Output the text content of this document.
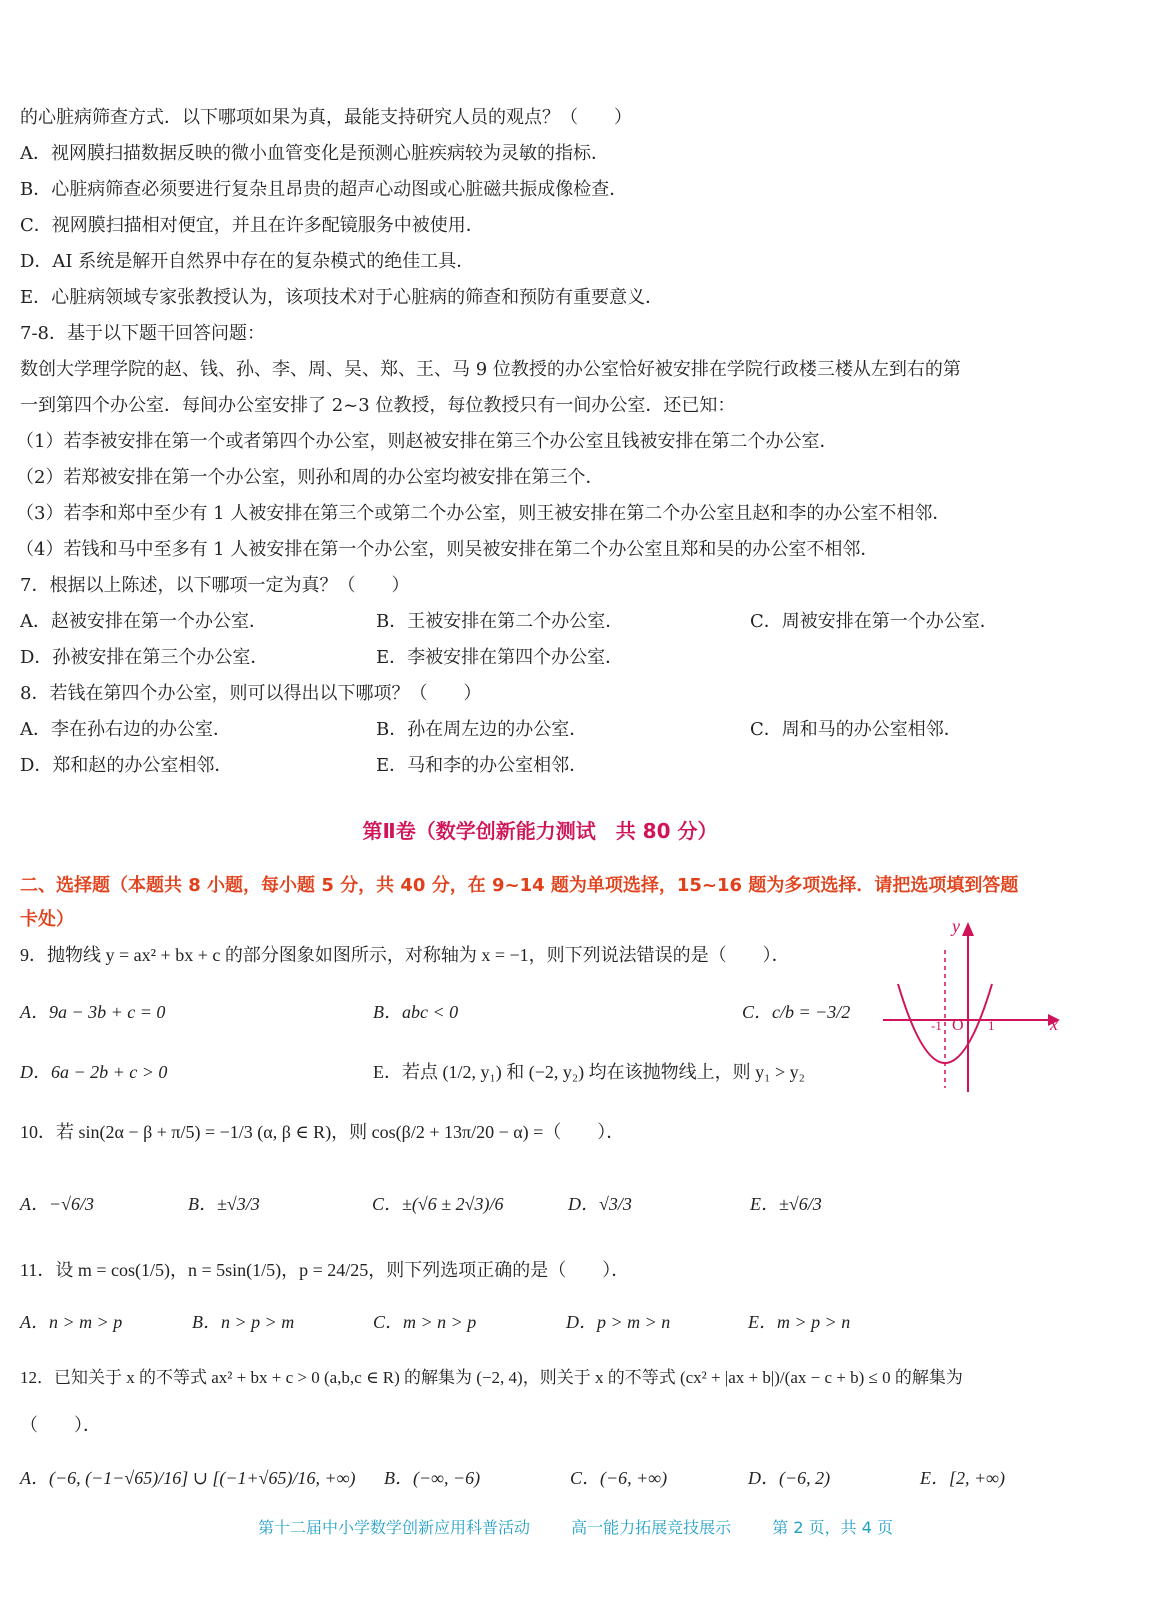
的心脏病筛查方式．以下哪项如果为真，最能支持研究人员的观点？（　　）
A．视网膜扫描数据反映的微小血管变化是预测心脏疾病较为灵敏的指标．
B．心脏病筛查必须要进行复杂且昂贵的超声心动图或心脏磁共振成像检查．
C．视网膜扫描相对便宜，并且在许多配镜服务中被使用．
D．AI 系统是解开自然界中存在的复杂模式的绝佳工具．
E．心脏病领域专家张教授认为，该项技术对于心脏病的筛查和预防有重要意义．
7-8．基于以下题干回答问题：
数创大学理学院的赵、钱、孙、李、周、吴、郑、王、马 9 位教授的办公室恰好被安排在学院行政楼三楼从左到右的第
一到第四个办公室．每间办公室安排了 2~3 位教授，每位教授只有一间办公室．还已知：
（1）若李被安排在第一个或者第四个办公室，则赵被安排在第三个办公室且钱被安排在第二个办公室．
（2）若郑被安排在第一个办公室，则孙和周的办公室均被安排在第三个．
（3）若李和郑中至少有 1 人被安排在第三个或第二个办公室，则王被安排在第二个办公室且赵和李的办公室不相邻．
（4）若钱和马中至多有 1 人被安排在第一个办公室，则吴被安排在第二个办公室且郑和吴的办公室不相邻．
7．根据以上陈述，以下哪项一定为真？（　　）
A．赵被安排在第一个办公室．	B．王被安排在第二个办公室．	C．周被安排在第一个办公室．
D．孙被安排在第三个办公室．	E．李被安排在第四个办公室．
8．若钱在第四个办公室，则可以得出以下哪项？（　　）
A．李在孙右边的办公室．	B．孙在周左边的办公室．	C．周和马的办公室相邻．
D．郑和赵的办公室相邻．	E．马和李的办公室相邻．
第Ⅱ卷（数学创新能力测试　共 80 分）
二、选择题（本题共 8 小题，每小题 5 分，共 40 分，在 9~14 题为单项选择，15~16 题为多项选择．请把选项填到答题
卡处）
9．抛物线 y = ax² + bx + c 的部分图象如图所示，对称轴为 x = −1，则下列说法错误的是（　　）．
A．9a − 3b + c = 0	B．abc < 0	C．c/b = −3/2
D．6a − 2b + c > 0	E．若点 (1/2, y₁) 和 (−2, y₂) 均在该抛物线上，则 y₁ > y₂
y
x
-1 O 1
10．若 sin(2α − β + π/5) = −1/3 (α, β ∈ R)，则 cos(β/2 + 13π/20 − α) =（　　）．
A．−√6/3	B．±√3/3	C．±(√6 ± 2√3)/6	D．√3/3	E．±√6/3
11．设 m = cos(1/5)，n = 5sin(1/5)，p = 24/25，则下列选项正确的是（　　）．
A．n > m > p	B．n > p > m	C．m > n > p	D．p > m > n	E．m > p > n
12．已知关于 x 的不等式 ax² + bx + c > 0 (a,b,c ∈ R) 的解集为 (−2, 4)，则关于 x 的不等式 (cx² + |ax + b|)/(ax − c + b) ≤ 0 的解集为
（　　）．
A．(−6, (−1−√65)/16] ∪ [(−1+√65)/16, +∞) B．(−∞, −6)	C．(−6, +∞)	D．(−6, 2)	E．[2, +∞)
第十二届中小学数学创新应用科普活动	高一能力拓展竞技展示	第 2 页，共 4 页
